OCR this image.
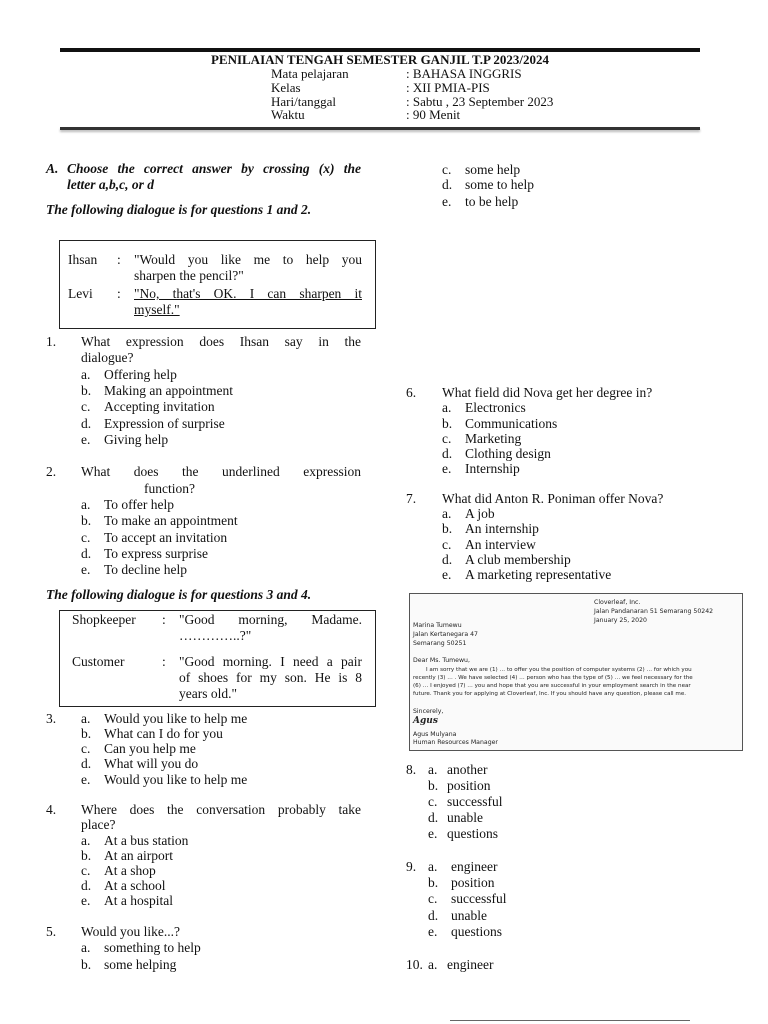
PENILAIAN TENGAH SEMESTER GANJIL T.P 2023/2024
Mata pelajaran	: BAHASA INGGRIS
Kelas	: XII PMIA-PIS
Hari/tanggal	: Sabtu , 23 September 2023
Waktu	: 90 Menit
A. Choose the correct answer by crossing (x) the
letter a,b,c, or d
The following dialogue is for questions 1 and 2.
Ihsan : "Would you like me to help you
sharpen the pencil?"
Levi : "No, that's OK. I can sharpen it
myself."
1. What expression does Ihsan say in the
dialogue?
a. Offering help
b. Making an appointment
c. Accepting invitation
d. Expression of surprise
e. Giving help
2. What does the underlined expression
function?
a. To offer help
b. To make an appointment
c. To accept an invitation
d. To express surprise
e. To decline help
The following dialogue is for questions 3 and 4.
Shopkeeper : "Good morning, Madame.
…………..?"
Customer	: "Good morning. I need a pair
of shoes for my son. He is 8
years old."
3. a. Would you like to help me
b. What can I do for you
c. Can you help me
d. What will you do
e. Would you like to help me
4. Where does the conversation probably take
place?
a. At a bus station
b. At an airport
c. At a shop
d. At a school
e. At a hospital
5. Would you like...?
a. something to help
b. some helping
c. some help
d. some to help
e. to be help
6. What field did Nova get her degree in?
a. Electronics
b. Communications
c. Marketing
d. Clothing design
e. Internship
7. What did Anton R. Poniman offer Nova?
a. A job
b. An internship
c. An interview
d. A club membership
e. A marketing representative
Cloverleaf, Inc.
Jalan Pandanaran 51 Semarang 50242
January 25, 2020
Marina Tumewu
Jalan Kertanegara 47
Semarang 50251
Dear Ms. Tumewu,
I am sorry that we are (1) … to offer you the position of computer systems (2) … for which you
recently (3) … . We have selected (4) … person who has the type of (5) … we feel necessary for the
(6) … I enjoyed (7) … you and hope that you are successful in your employment search in the near
future. Thank you for applying at Cloverleaf, Inc. If you should have any question, please call me.
Sincerely,
Agus
Agus Mulyana
Human Resources Manager
8. a. another
b. position
c. successful
d. unable
e. questions
9. a. engineer
b. position
c. successful
d. unable
e. questions
10. a. engineer
